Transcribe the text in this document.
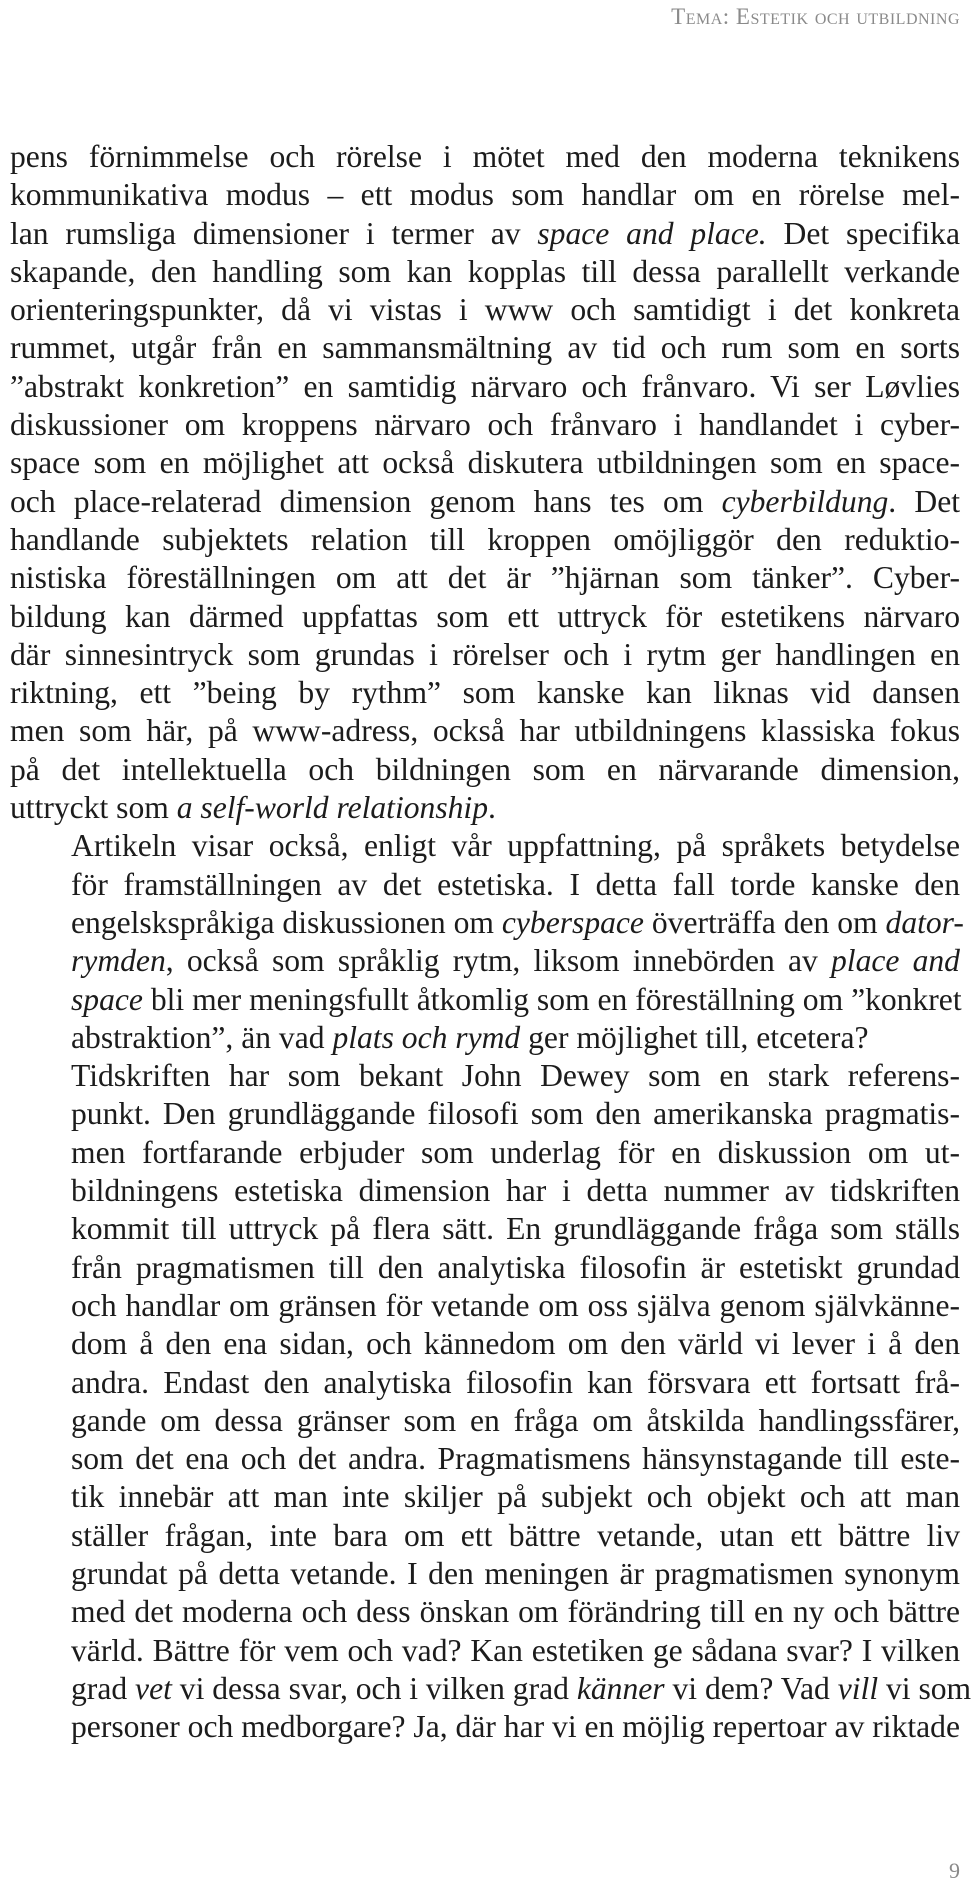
Tema: Estetik och utbildning

pens förnimmelse och rörelse i mötet med den moderna teknikens
kommunikativa modus – ett modus som handlar om en rörelse mel-
lan rumsliga dimensioner i termer av space and place. Det specifika
skapande, den handling som kan kopplas till dessa parallellt verkande
orienteringspunkter, då vi vistas i www och samtidigt i det konkreta
rummet, utgår från en sammansmältning av tid och rum som en sorts
”abstrakt konkretion” en samtidig närvaro och frånvaro. Vi ser Løvlies
diskussioner om kroppens närvaro och frånvaro i handlandet i cyber-
space som en möjlighet att också diskutera utbildningen som en space-
och place-relaterad dimension genom hans tes om cyberbildung. Det
handlande subjektets relation till kroppen omöjliggör den reduktio-
nistiska föreställningen om att det är ”hjärnan som tänker”. Cyber-
bildung kan därmed uppfattas som ett uttryck för estetikens närvaro
där sinnesintryck som grundas i rörelser och i rytm ger handlingen en
riktning, ett ”being by rythm” som kanske kan liknas vid dansen
men som här, på www-adress, också har utbildningens klassiska fokus
på det intellektuella och bildningen som en närvarande dimension,
uttryckt som a self-world relationship.

Artikeln visar också, enligt vår uppfattning, på språkets betydelse
för framställningen av det estetiska. I detta fall torde kanske den
engelskspråkiga diskussionen om cyberspace överträffa den om dator-
rymden, också som språklig rytm, liksom innebörden av place and
space bli mer meningsfullt åtkomlig som en föreställning om ”konkret
abstraktion”, än vad plats och rymd ger möjlighet till, etcetera?

Tidskriften har som bekant John Dewey som en stark referens-
punkt. Den grundläggande filosofi som den amerikanska pragmatis-
men fortfarande erbjuder som underlag för en diskussion om ut-
bildningens estetiska dimension har i detta nummer av tidskriften
kommit till uttryck på flera sätt. En grundläggande fråga som ställs
från pragmatismen till den analytiska filosofin är estetiskt grundad
och handlar om gränsen för vetande om oss själva genom självkänne-
dom å den ena sidan, och kännedom om den värld vi lever i å den
andra. Endast den analytiska filosofin kan försvara ett fortsatt frå-
gande om dessa gränser som en fråga om åtskilda handlingssfärer,
som det ena och det andra. Pragmatismens hänsynstagande till este-
tik innebär att man inte skiljer på subjekt och objekt och att man
ställer frågan, inte bara om ett bättre vetande, utan ett bättre liv
grundat på detta vetande. I den meningen är pragmatismen synonym
med det moderna och dess önskan om förändring till en ny och bättre
värld. Bättre för vem och vad? Kan estetiken ge sådana svar? I vilken
grad vet vi dessa svar, och i vilken grad känner vi dem? Vad vill vi som
personer och medborgare? Ja, där har vi en möjlig repertoar av riktade

9
